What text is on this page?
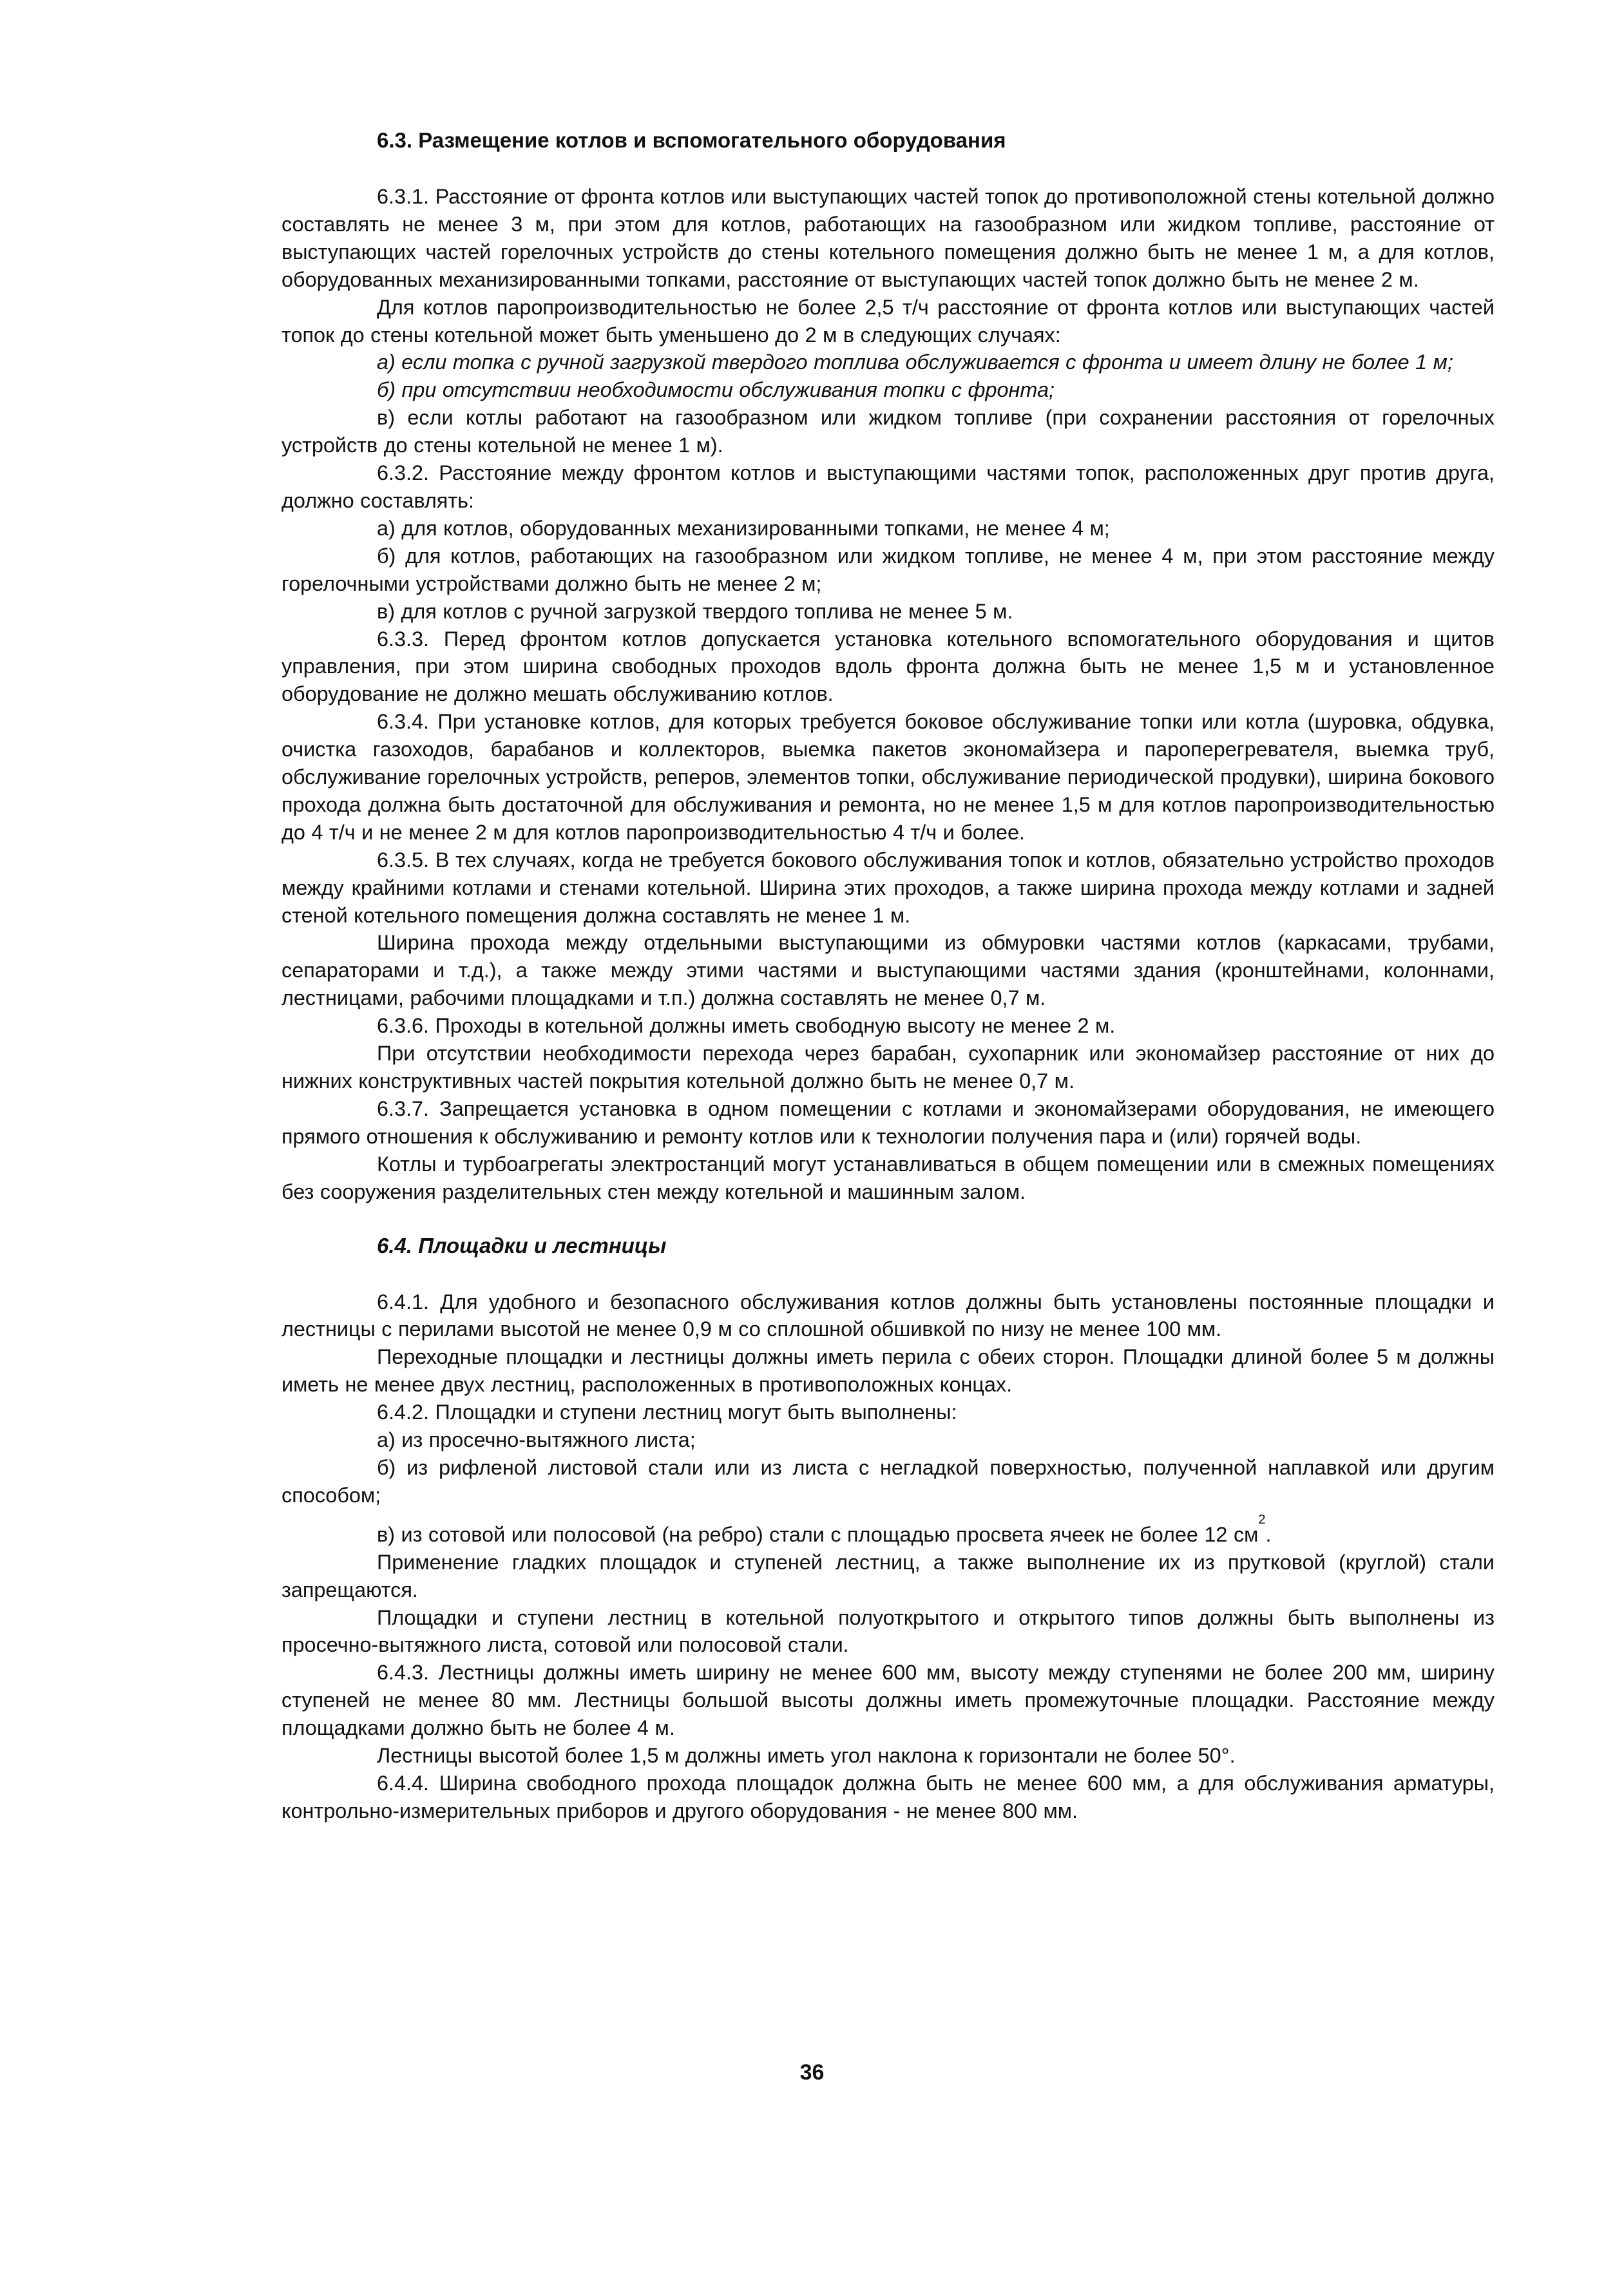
6.3. Размещение котлов и вспомогательного оборудования

6.3.1. Расстояние от фронта котлов или выступающих частей топок до противоположной стены котельной должно составлять не менее 3 м, при этом для котлов, работающих на газообразном или жидком топливе, расстояние от выступающих частей горелочных устройств до стены котельного помещения должно быть не менее 1 м, а для котлов, оборудованных механизированными топками, расстояние от выступающих частей топок должно быть не менее 2 м.

Для котлов паропроизводительностью не более 2,5 т/ч расстояние от фронта котлов или выступающих частей топок до стены котельной может быть уменьшено до 2 м в следующих случаях:

а) если топка с ручной загрузкой твердого топлива обслуживается с фронта и имеет длину не более 1 м;

б) при отсутствии необходимости обслуживания топки с фронта;

в) если котлы работают на газообразном или жидком топливе (при сохранении расстояния от горелочных устройств до стены котельной не менее 1 м).

6.3.2. Расстояние между фронтом котлов и выступающими частями топок, расположенных друг против друга, должно составлять:

а) для котлов, оборудованных механизированными топками, не менее 4 м;

б) для котлов, работающих на газообразном или жидком топливе, не менее 4 м, при этом расстояние между горелочными устройствами должно быть не менее 2 м;

в) для котлов с ручной загрузкой твердого топлива не менее 5 м.

6.3.3. Перед фронтом котлов допускается установка котельного вспомогательного оборудования и щитов управления, при этом ширина свободных проходов вдоль фронта должна быть не менее 1,5 м и установленное оборудование не должно мешать обслуживанию котлов.

6.3.4. При установке котлов, для которых требуется боковое обслуживание топки или котла (шуровка, обдувка, очистка газоходов, барабанов и коллекторов, выемка пакетов экономайзера и пароперегревателя, выемка труб, обслуживание горелочных устройств, реперов, элементов топки, обслуживание периодической продувки), ширина бокового прохода должна быть достаточной для обслуживания и ремонта, но не менее 1,5 м для котлов паропроизводительностью до 4 т/ч и не менее 2 м для котлов паропроизводительностью 4 т/ч и более.

6.3.5. В тех случаях, когда не требуется бокового обслуживания топок и котлов, обязательно устройство проходов между крайними котлами и стенами котельной. Ширина этих проходов, а также ширина прохода между котлами и задней стеной котельного помещения должна составлять не менее 1 м.

Ширина прохода между отдельными выступающими из обмуровки частями котлов (каркасами, трубами, сепараторами и т.д.), а также между этими частями и выступающими частями здания (кронштейнами, колоннами, лестницами, рабочими площадками и т.п.) должна составлять не менее 0,7 м.

6.3.6. Проходы в котельной должны иметь свободную высоту не менее 2 м.

При отсутствии необходимости перехода через барабан, сухопарник или экономайзер расстояние от них до нижних конструктивных частей покрытия котельной должно быть не менее 0,7 м.

6.3.7. Запрещается установка в одном помещении с котлами и экономайзерами оборудования, не имеющего прямого отношения к обслуживанию и ремонту котлов или к технологии получения пара и (или) горячей воды.

Котлы и турбоагрегаты электростанций могут устанавливаться в общем помещении или в смежных помещениях без сооружения разделительных стен между котельной и машинным залом.

6.4. Площадки и лестницы

6.4.1. Для удобного и безопасного обслуживания котлов должны быть установлены постоянные площадки и лестницы с перилами высотой не менее 0,9 м со сплошной обшивкой по низу не менее 100 мм.

Переходные площадки и лестницы должны иметь перила с обеих сторон. Площадки длиной более 5 м должны иметь не менее двух лестниц, расположенных в противоположных концах.

6.4.2. Площадки и ступени лестниц могут быть выполнены:

а) из просечно-вытяжного листа;

б) из рифленой листовой стали или из листа с негладкой поверхностью, полученной наплавкой или другим способом;

в) из сотовой или полосовой (на ребро) стали с площадью просвета ячеек не более 12 $см^2$.

Применение гладких площадок и ступеней лестниц, а также выполнение их из прутковой (круглой) стали запрещаются.

Площадки и ступени лестниц в котельной полуоткрытого и открытого типов должны быть выполнены из просечно-вытяжного листа, сотовой или полосовой стали.

6.4.3. Лестницы должны иметь ширину не менее 600 мм, высоту между ступенями не более 200 мм, ширину ступеней не менее 80 мм. Лестницы большой высоты должны иметь промежуточные площадки. Расстояние между площадками должно быть не более 4 м.

Лестницы высотой более 1,5 м должны иметь угол наклона к горизонтали не более 50°.

6.4.4. Ширина свободного прохода площадок должна быть не менее 600 мм, а для обслуживания арматуры, контрольно-измерительных приборов и другого оборудования - не менее 800 мм.

36
